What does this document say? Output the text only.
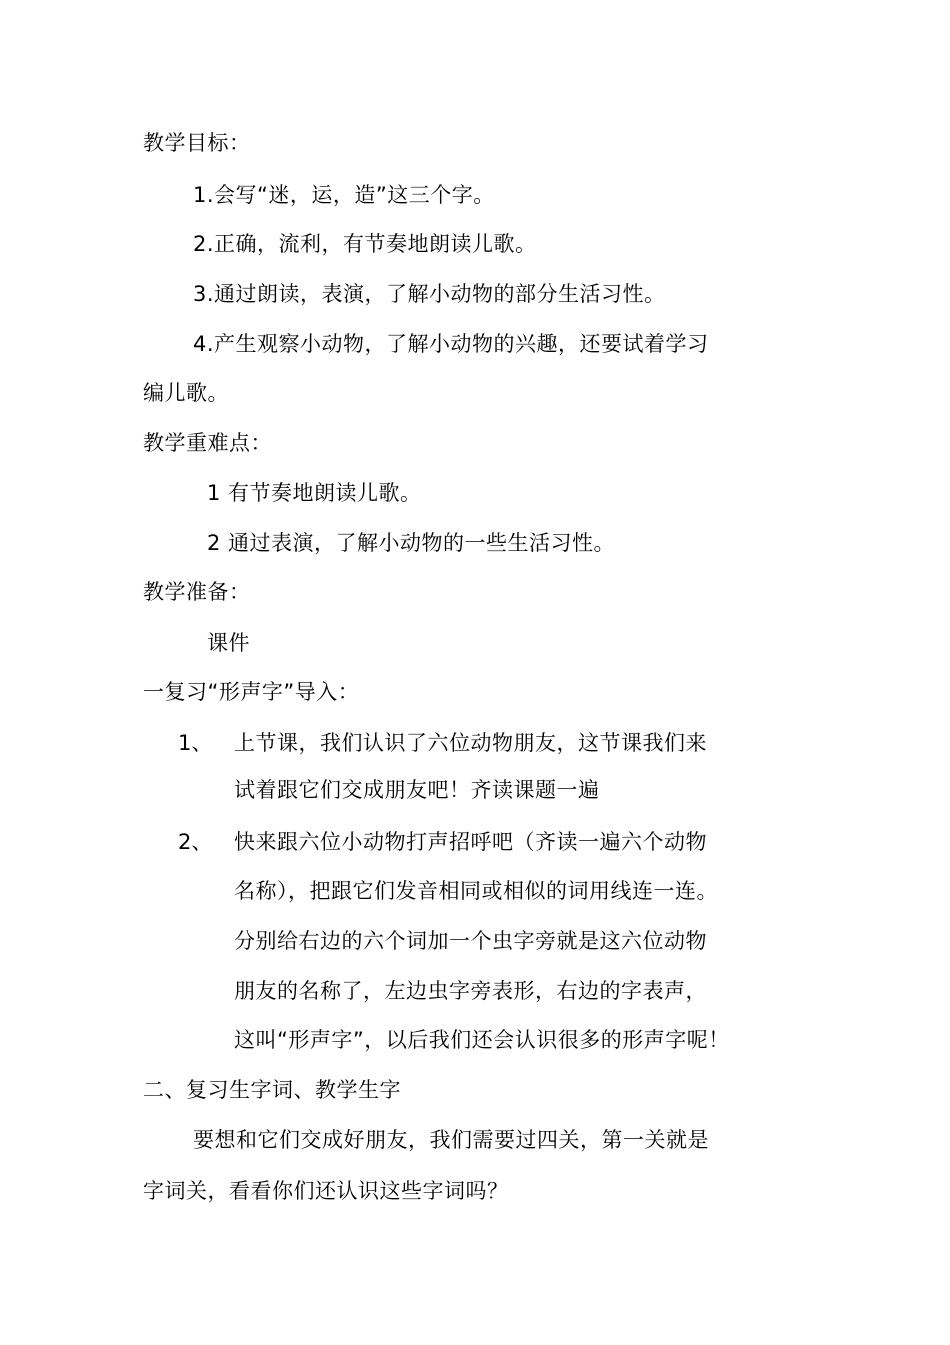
教学目标：
1.会写“迷，运，造”这三个字。
2.正确，流利，有节奏地朗读儿歌。
3.通过朗读，表演，了解小动物的部分生活习性。
4.产生观察小动物，了解小动物的兴趣，还要试着学习
编儿歌。
教学重难点：
1 有节奏地朗读儿歌。
2 通过表演，了解小动物的一些生活习性。
教学准备：
课件
一复习“形声字”导入：
1、 上节课，我们认识了六位动物朋友，这节课我们来
试着跟它们交成朋友吧！齐读课题一遍
2、 快来跟六位小动物打声招呼吧（齐读一遍六个动物
名称），把跟它们发音相同或相似的词用线连一连。
分别给右边的六个词加一个虫字旁就是这六位动物
朋友的名称了，左边虫字旁表形，右边的字表声，
这叫“形声字”，以后我们还会认识很多的形声字呢！
二、复习生字词、教学生字
要想和它们交成好朋友，我们需要过四关，第一关就是
字词关，看看你们还认识这些字词吗？
